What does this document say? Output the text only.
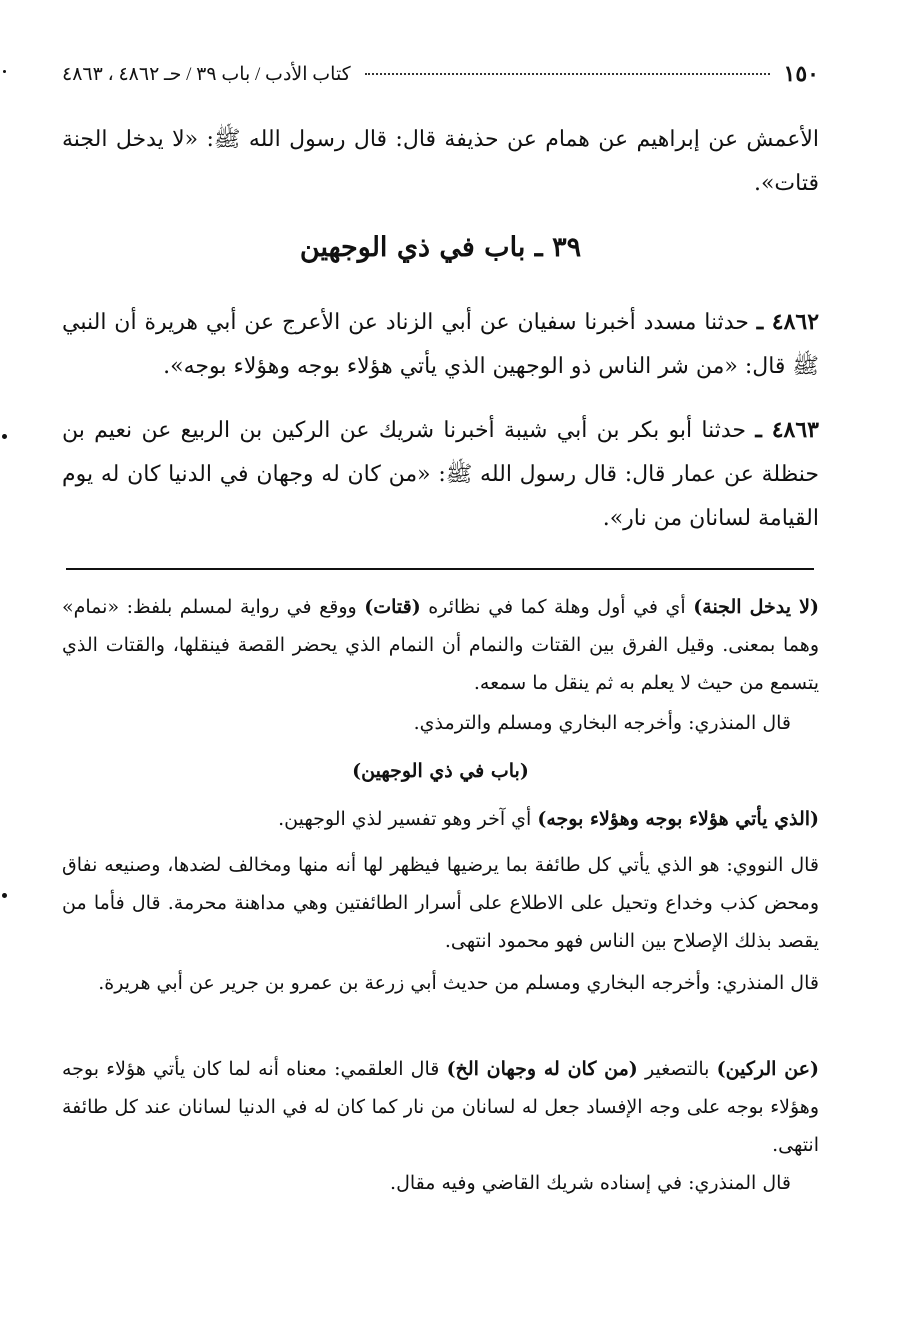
١٥٠
كتاب الأدب / باب ٣٩ / حـ ٤٨٦٢ ، ٤٨٦٣
الأعمش عن إبراهيم عن همام عن حذيفة قال: قال رسول الله ﷺ: «لا يدخل الجنة قتات».
٣٩ ـ باب في ذي الوجهين
٤٨٦٢ ـ حدثنا مسدد أخبرنا سفيان عن أبي الزناد عن الأعرج عن أبي هريرة أن النبي ﷺ قال: «من شر الناس ذو الوجهين الذي يأتي هؤلاء بوجه وهؤلاء بوجه».
٤٨٦٣ ـ حدثنا أبو بكر بن أبي شيبة أخبرنا شريك عن الركين بن الربيع عن نعيم بن حنظلة عن عمار قال: قال رسول الله ﷺ: «من كان له وجهان في الدنيا كان له يوم القيامة لسانان من نار».
(لا يدخل الجنة) أي في أول وهلة كما في نظائره (قتات) ووقع في رواية لمسلم بلفظ: «نمام» وهما بمعنى. وقيل الفرق بين القتات والنمام أن النمام الذي يحضر القصة فينقلها، والقتات الذي يتسمع من حيث لا يعلم به ثم ينقل ما سمعه.
قال المنذري: وأخرجه البخاري ومسلم والترمذي.
(باب في ذي الوجهين)
(الذي يأتي هؤلاء بوجه وهؤلاء بوجه) أي آخر وهو تفسير لذي الوجهين.
قال النووي: هو الذي يأتي كل طائفة بما يرضيها فيظهر لها أنه منها ومخالف لضدها، وصنيعه نفاق ومحض كذب وخداع وتحيل على الاطلاع على أسرار الطائفتين وهي مداهنة محرمة. قال فأما من يقصد بذلك الإصلاح بين الناس فهو محمود انتهى.
قال المنذري: وأخرجه البخاري ومسلم من حديث أبي زرعة بن عمرو بن جرير عن أبي هريرة.
(عن الركين) بالتصغير (من كان له وجهان الخ) قال العلقمي: معناه أنه لما كان يأتي هؤلاء بوجه وهؤلاء بوجه على وجه الإفساد جعل له لسانان من نار كما كان له في الدنيا لسانان عند كل طائفة انتهى.
قال المنذري: في إسناده شريك القاضي وفيه مقال.
